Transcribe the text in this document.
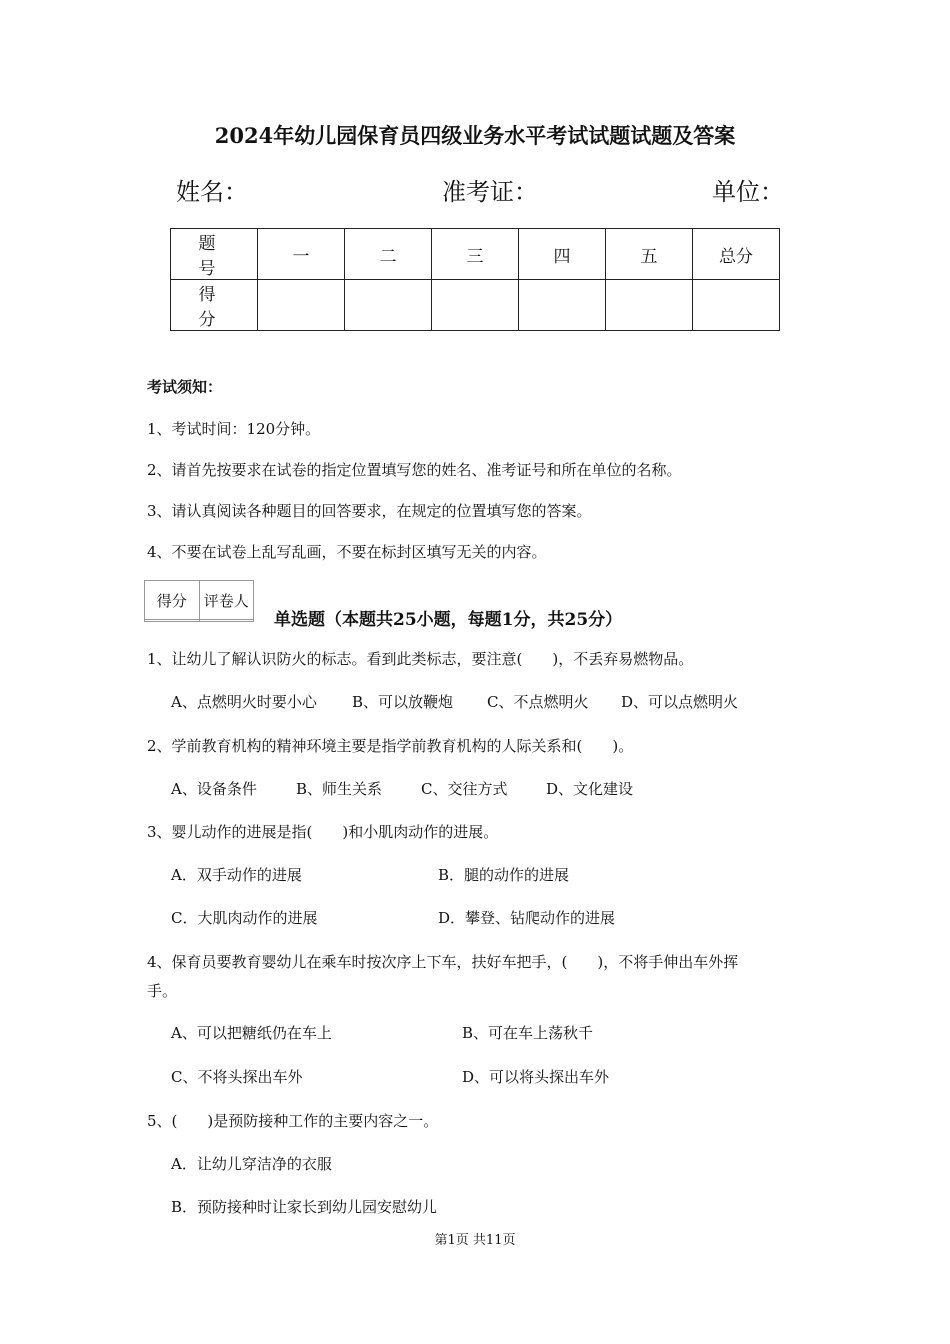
2024年幼儿园保育员四级业务水平考试试题试题及答案
姓名：	准考证：	单位：
题　号	一	二	三	四	五	总分
得　分						
考试须知：
1、考试时间：120分钟。
2、请首先按要求在试卷的指定位置填写您的姓名、准考证号和所在单位的名称。
3、请认真阅读各种题目的回答要求，在规定的位置填写您的答案。
4、不要在试卷上乱写乱画，不要在标封区填写无关的内容。
得分	评卷人

单选题（本题共25小题，每题1分，共25分）
1、让幼儿了解认识防火的标志。看到此类标志，要注意(　　)，不丢弃易燃物品。
A、点燃明火时要小心 B、可以放鞭炮 C、不点燃明火 D、可以点燃明火
2、学前教育机构的精神环境主要是指学前教育机构的人际关系和(　　)。
A、设备条件	B、师生关系	C、交往方式	D、文化建设
3、婴儿动作的进展是指(　　)和小肌肉动作的进展。
A．双手动作的进展	B．腿的动作的进展
C．大肌肉动作的进展	D．攀登、钻爬动作的进展
4、保育员要教育婴幼儿在乘车时按次序上下车，扶好车把手，(　　)，不将手伸出车外挥
手。
A、可以把糖纸仍在车上	B、可在车上荡秋千
C、不将头探出车外	D、可以将头探出车外
5、(　　)是预防接种工作的主要内容之一。
A．让幼儿穿洁净的衣服
B．预防接种时让家长到幼儿园安慰幼儿
第1页 共11页
